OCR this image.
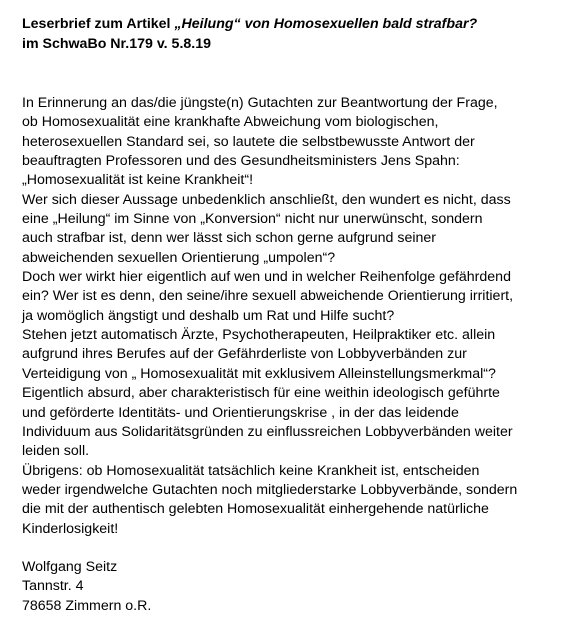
Leserbrief zum Artikel „Heilung“ von Homosexuellen bald strafbar?
im SchwaBo Nr.179 v. 5.8.19
In Erinnerung an das/die jüngste(n) Gutachten zur Beantwortung der Frage,
ob Homosexualität eine krankhafte Abweichung vom biologischen,
heterosexuellen Standard sei, so lautete die selbstbewusste Antwort der
beauftragten Professoren und des Gesundheitsministers Jens Spahn:
„Homosexualität ist keine Krankheit“!
Wer sich dieser Aussage unbedenklich anschließt, den wundert es nicht, dass
eine „Heilung“ im Sinne von „Konversion“ nicht nur unerwünscht, sondern
auch strafbar ist, denn wer lässt sich schon gerne aufgrund seiner
abweichenden sexuellen Orientierung „umpolen“?
Doch wer wirkt hier eigentlich auf wen und in welcher Reihenfolge gefährdend
ein? Wer ist es denn, den seine/ihre sexuell abweichende Orientierung irritiert,
ja womöglich ängstigt und deshalb um Rat und Hilfe sucht?
Stehen jetzt automatisch Ärzte, Psychotherapeuten, Heilpraktiker etc. allein
aufgrund ihres Berufes auf der Gefährderliste von Lobbyverbänden zur
Verteidigung von „ Homosexualität mit exklusivem Alleinstellungsmerkmal“?
Eigentlich absurd, aber charakteristisch für eine weithin ideologisch geführte
und geförderte Identitäts- und Orientierungskrise , in der das leidende
Individuum aus Solidaritätsgründen zu einflussreichen Lobbyverbänden weiter
leiden soll.
Übrigens: ob Homosexualität tatsächlich keine Krankheit ist, entscheiden
weder irgendwelche Gutachten noch mitgliederstarke Lobbyverbände, sondern
die mit der authentisch gelebten Homosexualität einhergehende natürliche
Kinderlosigkeit!
Wolfgang Seitz
Tannstr. 4
78658 Zimmern o.R.
